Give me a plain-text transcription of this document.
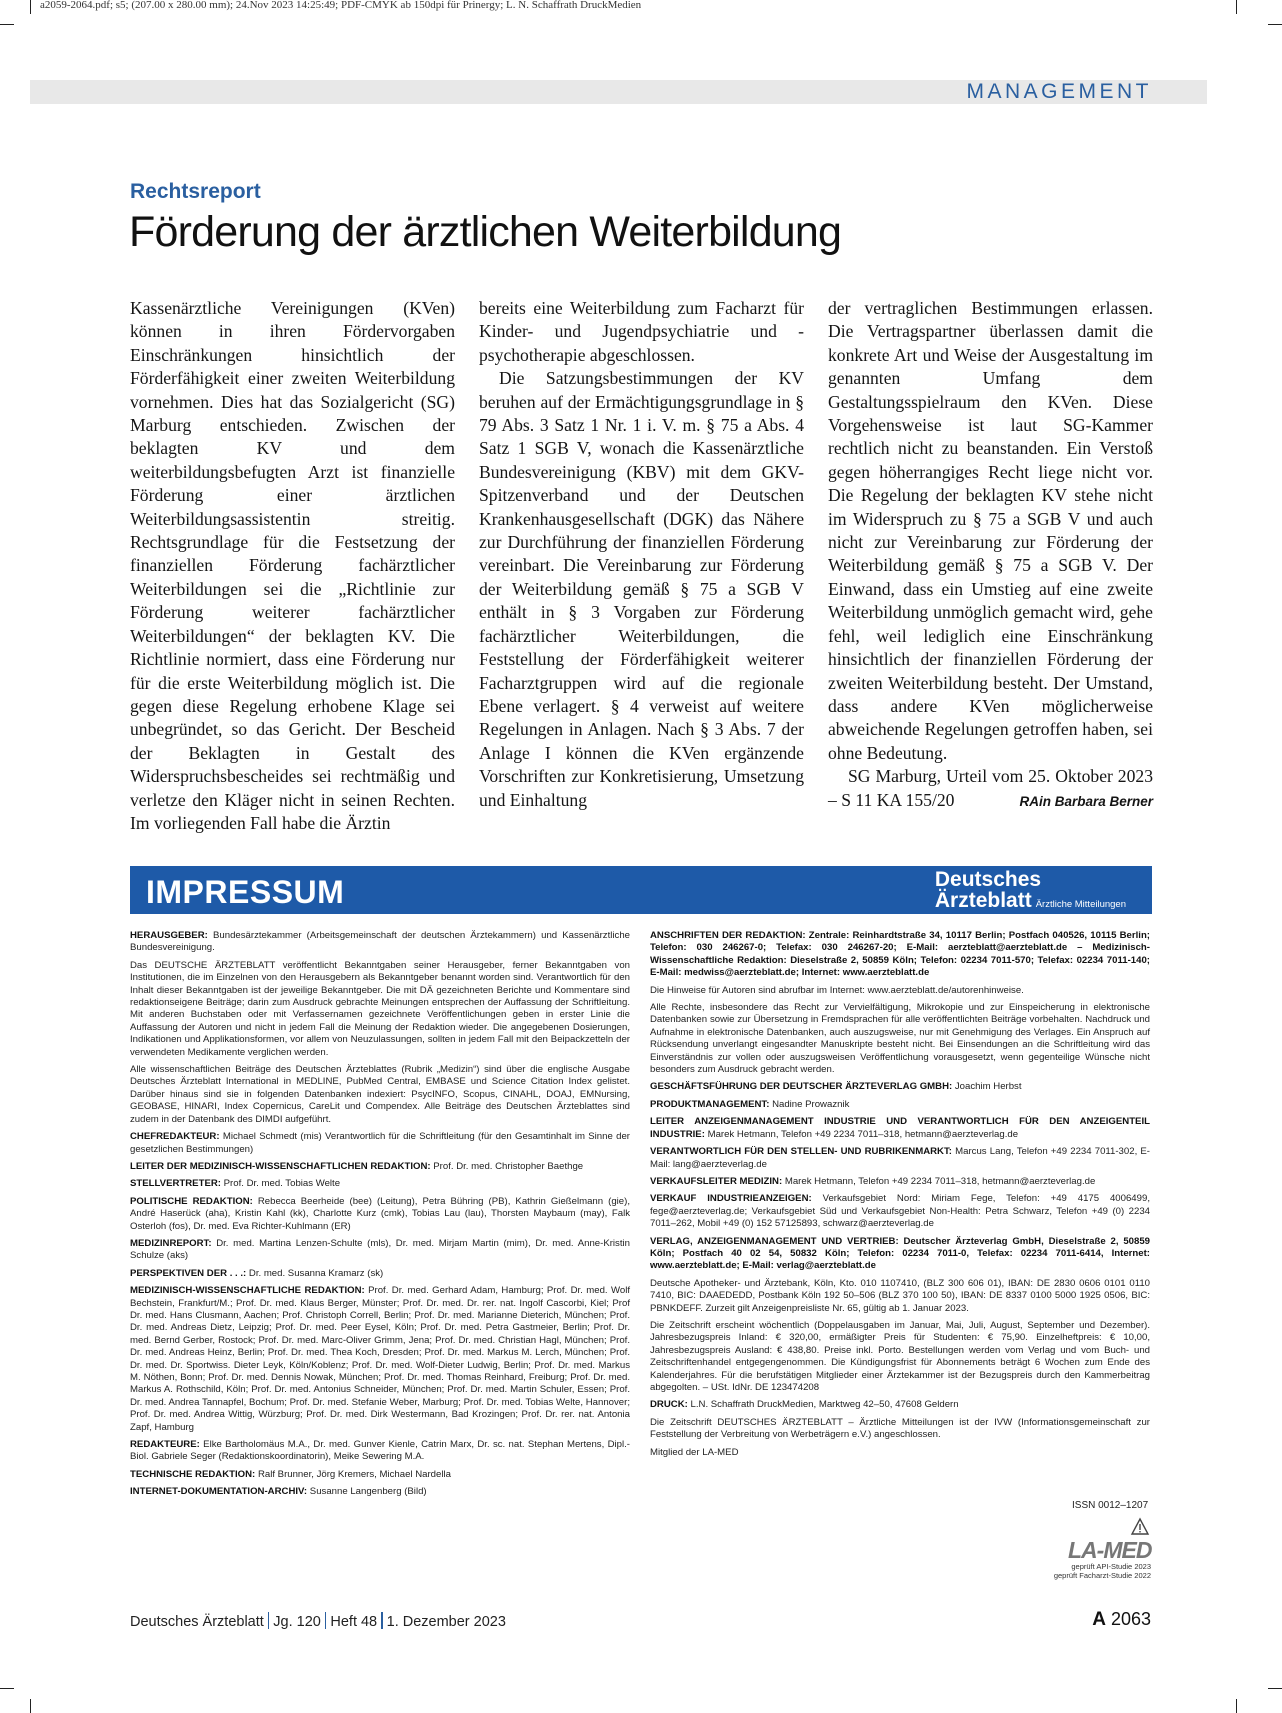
a2059-2064.pdf; s5; (207.00 x 280.00 mm); 24.Nov 2023 14:25:49; PDF-CMYK ab 150dpi für Prinergy; L. N. Schaffrath DruckMedien
MANAGEMENT
Rechtsreport
Förderung der ärztlichen Weiterbildung

Kassenärztliche Vereinigungen (KVen) können in ihren Fördervorgaben Einschränkungen hinsichtlich der Förderfähigkeit einer zweiten Weiterbildung vornehmen. Dies hat das Sozialgericht (SG) Marburg entschieden. Zwischen der beklagten KV und dem weiterbildungsbefugten Arzt ist finanzielle Förderung einer ärztlichen Weiterbildungsassistentin streitig. Rechtsgrundlage für die Festsetzung der finanziellen Förderung fachärztlicher Weiterbildungen sei die „Richtlinie zur Förderung weiterer fachärztlicher Weiterbildungen“ der beklagten KV. Die Richtlinie normiert, dass eine Förderung nur für die erste Weiterbildung möglich ist. Die gegen diese Regelung erhobene Klage sei unbegründet, so das Gericht. Der Bescheid der Beklagten in Gestalt des Widerspruchsbescheides sei rechtmäßig und verletze den Kläger nicht in seinen Rechten. Im vorliegenden Fall habe die Ärztin

bereits eine Weiterbildung zum Facharzt für Kinder- und Jugendpsychiatrie und -psychotherapie abgeschlossen.

Die Satzungsbestimmungen der KV beruhen auf der Ermächtigungsgrundlage in § 79 Abs. 3 Satz 1 Nr. 1 i. V. m. § 75 a Abs. 4 Satz 1 SGB V, wonach die Kassenärztliche Bundesvereinigung (KBV) mit dem GKV-Spitzenverband und der Deutschen Krankenhausgesellschaft (DGK) das Nähere zur Durchführung der finanziellen Förderung vereinbart. Die Vereinbarung zur Förderung der Weiterbildung gemäß § 75 a SGB V enthält in § 3 Vorgaben zur Förderung fachärztlicher Weiterbildungen, die Feststellung der Förderfähigkeit weiterer Facharztgruppen wird auf die regionale Ebene verlagert. § 4 verweist auf weitere Regelungen in Anlagen. Nach § 3 Abs. 7 der Anlage I können die KVen ergänzende Vorschriften zur Konkretisierung, Umsetzung und Einhaltung

der vertraglichen Bestimmungen erlassen. Die Vertragspartner überlassen damit die konkrete Art und Weise der Ausgestaltung im genannten Umfang dem Gestaltungsspielraum den KVen. Diese Vorgehensweise ist laut SG-Kammer rechtlich nicht zu beanstanden. Ein Verstoß gegen höherrangiges Recht liege nicht vor. Die Regelung der beklagten KV stehe nicht im Widerspruch zu § 75 a SGB V und auch nicht zur Vereinbarung zur Förderung der Weiterbildung gemäß § 75 a SGB V. Der Einwand, dass ein Umstieg auf eine zweite Weiterbildung unmöglich gemacht wird, gehe fehl, weil lediglich eine Einschränkung hinsichtlich der finanziellen Förderung der zweiten Weiterbildung besteht. Der Umstand, dass andere KVen möglicherweise abweichende Regelungen getroffen haben, sei ohne Bedeutung.

SG Marburg, Urteil vom 25. Oktober 2023 – S 11 KA 155/20	RAin Barbara Berner

IMPRESSUM	Deutsches
Ärzteblatt Ärztliche Mitteilungen

HERAUSGEBER: Bundesärztekammer (Arbeitsgemeinschaft der deutschen Ärztekammern) und Kassenärztliche Bundesvereinigung.

Das DEUTSCHE ÄRZTEBLATT veröffentlicht Bekanntgaben seiner Herausgeber, ferner Bekanntgaben von Institutionen, die im Einzelnen von den Herausgebern als Bekanntgeber benannt worden sind. Verantwortlich für den Inhalt dieser Bekanntgaben ist der jeweilige Bekanntgeber. Die mit DÄ gezeichneten Berichte und Kommentare sind redaktionseigene Beiträge; darin zum Ausdruck gebrachte Meinungen entsprechen der Auffassung der Schriftleitung. Mit anderen Buchstaben oder mit Verfassernamen gezeichnete Veröffentlichungen geben in erster Linie die Auffassung der Autoren und nicht in jedem Fall die Meinung der Redaktion wieder. Die angegebenen Dosierungen, Indikationen und Applikationsformen, vor allem von Neuzulassungen, sollten in jedem Fall mit den Beipackzetteln der verwendeten Medikamente verglichen werden.

Alle wissenschaftlichen Beiträge des Deutschen Ärzteblattes (Rubrik „Medizin“) sind über die englische Ausgabe Deutsches Ärzteblatt International in MEDLINE, PubMed Central, EMBASE und Science Citation Index gelistet. Darüber hinaus sind sie in folgenden Datenbanken indexiert: PsycINFO, Scopus, CINAHL, DOAJ, EMNursing, GEOBASE, HINARI, Index Copernicus, CareLit und Compendex. Alle Beiträge des Deutschen Ärzteblattes sind zudem in der Datenbank des DIMDI aufgeführt.

CHEFREDAKTEUR: Michael Schmedt (mis) Verantwortlich für die Schriftleitung (für den Gesamtinhalt im Sinne der gesetzlichen Bestimmungen)

LEITER DER MEDIZINISCH-WISSENSCHAFTLICHEN REDAKTION: Prof. Dr. med. Christopher Baethge

STELLVERTRETER: Prof. Dr. med. Tobias Welte

POLITISCHE REDAKTION: Rebecca Beerheide (bee) (Leitung), Petra Bühring (PB), Kathrin Gießelmann (gie), André Haserück (aha), Kristin Kahl (kk), Charlotte Kurz (cmk), Tobias Lau (lau), Thorsten Maybaum (may), Falk Osterloh (fos), Dr. med. Eva Richter-Kuhlmann (ER)

MEDIZINREPORT: Dr. med. Martina Lenzen-Schulte (mls), Dr. med. Mirjam Martin (mim), Dr. med. Anne-Kristin Schulze (aks)

PERSPEKTIVEN DER . . .: Dr. med. Susanna Kramarz (sk)

MEDIZINISCH-WISSENSCHAFTLICHE REDAKTION: Prof. Dr. med. Gerhard Adam, Hamburg; Prof. Dr. med. Wolf Bechstein, Frankfurt/M.; Prof. Dr. med. Klaus Berger, Münster; Prof. Dr. med. Dr. rer. nat. Ingolf Cascorbi, Kiel; Prof Dr. med. Hans Clusmann, Aachen; Prof. Christoph Correll, Berlin; Prof. Dr. med. Marianne Dieterich, München; Prof. Dr. med. Andreas Dietz, Leipzig; Prof. Dr. med. Peer Eysel, Köln; Prof. Dr. med. Petra Gastmeier, Berlin; Prof. Dr. med. Bernd Gerber, Rostock; Prof. Dr. med. Marc-Oliver Grimm, Jena; Prof. Dr. med. Christian Hagl, München; Prof. Dr. med. Andreas Heinz, Berlin; Prof. Dr. med. Thea Koch, Dresden; Prof. Dr. med. Markus M. Lerch, München; Prof. Dr. med. Dr. Sportwiss. Dieter Leyk, Köln/Koblenz; Prof. Dr. med. Wolf-Dieter Ludwig, Berlin; Prof. Dr. med. Markus M. Nöthen, Bonn; Prof. Dr. med. Dennis Nowak, München; Prof. Dr. med. Thomas Reinhard, Freiburg; Prof. Dr. med. Markus A. Rothschild, Köln; Prof. Dr. med. Antonius Schneider, München; Prof. Dr. med. Martin Schuler, Essen; Prof. Dr. med. Andrea Tannapfel, Bochum; Prof. Dr. med. Stefanie Weber, Marburg; Prof. Dr. med. Tobias Welte, Hannover; Prof. Dr. med. Andrea Wittig, Würzburg; Prof. Dr. med. Dirk Westermann, Bad Krozingen; Prof. Dr. rer. nat. Antonia Zapf, Hamburg

REDAKTEURE: Elke Bartholomäus M.A., Dr. med. Gunver Kienle, Catrin Marx, Dr. sc. nat. Stephan Mertens, Dipl.-Biol. Gabriele Seger (Redaktionskoordinatorin), Meike Sewering M.A.

TECHNISCHE REDAKTION: Ralf Brunner, Jörg Kremers, Michael Nardella

INTERNET-DOKUMENTATION-ARCHIV: Susanne Langenberg (Bild)

ANSCHRIFTEN DER REDAKTION: Zentrale: Reinhardtstraße 34, 10117 Berlin; Postfach 040526, 10115 Berlin; Telefon: 030 246267-0; Telefax: 030 246267-20; E-Mail: aerzteblatt@aerzteblatt.de – Medizinisch-Wissenschaftliche Redaktion: Dieselstraße 2, 50859 Köln; Telefon: 02234 7011-570; Telefax: 02234 7011-140; E-Mail: medwiss@aerzteblatt.de; Internet: www.aerzteblatt.de

Die Hinweise für Autoren sind abrufbar im Internet: www.aerzteblatt.de/autorenhinweise.

Alle Rechte, insbesondere das Recht zur Vervielfältigung, Mikrokopie und zur Einspeicherung in elektronische Datenbanken sowie zur Übersetzung in Fremdsprachen für alle veröffentlichten Beiträge vorbehalten. Nachdruck und Aufnahme in elektronische Datenbanken, auch auszugsweise, nur mit Genehmigung des Verlages. Ein Anspruch auf Rücksendung unverlangt eingesandter Manuskripte besteht nicht. Bei Einsendungen an die Schriftleitung wird das Einverständnis zur vollen oder auszugsweisen Veröffentlichung vorausgesetzt, wenn gegenteilige Wünsche nicht besonders zum Ausdruck gebracht werden.

GESCHÄFTSFÜHRUNG DER DEUTSCHER ÄRZTEVERLAG GMBH: Joachim Herbst

PRODUKTMANAGEMENT: Nadine Prowaznik

LEITER ANZEIGENMANAGEMENT INDUSTRIE UND VERANTWORTLICH FÜR DEN ANZEIGENTEIL INDUSTRIE: Marek Hetmann, Telefon +49 2234 7011–318, hetmann@aerzteverlag.de

VERANTWORTLICH FÜR DEN STELLEN- UND RUBRIKENMARKT: Marcus Lang, Telefon +49 2234 7011-302, E-Mail: lang@aerzteverlag.de

VERKAUFSLEITER MEDIZIN: Marek Hetmann, Telefon +49 2234 7011–318, hetmann@aerzteverlag.de

VERKAUF INDUSTRIEANZEIGEN: Verkaufsgebiet Nord: Miriam Fege, Telefon: +49 4175 4006499, fege@aerzteverlag.de; Verkaufsgebiet Süd und Verkaufsgebiet Non-Health: Petra Schwarz, Telefon +49 (0) 2234 7011–262, Mobil +49 (0) 152 57125893, schwarz@aerzteverlag.de

VERLAG, ANZEIGENMANAGEMENT UND VERTRIEB: Deutscher Ärzteverlag GmbH, Dieselstraße 2, 50859 Köln; Postfach 40 02 54, 50832 Köln; Telefon: 02234 7011-0, Telefax: 02234 7011-6414, Internet: www.aerzteblatt.de; E-Mail: verlag@aerzteblatt.de

Deutsche Apotheker- und Ärztebank, Köln, Kto. 010 1107410, (BLZ 300 606 01), IBAN: DE 2830 0606 0101 0110 7410, BIC: DAAEDEDD, Postbank Köln 192 50–506 (BLZ 370 100 50), IBAN: DE 8337 0100 5000 1925 0506, BIC: PBNKDEFF. Zurzeit gilt Anzeigenpreisliste Nr. 65, gültig ab 1. Januar 2023.

Die Zeitschrift erscheint wöchentlich (Doppelausgaben im Januar, Mai, Juli, August, September und Dezember). Jahresbezugspreis Inland: € 320,00, ermäßigter Preis für Studenten: € 75,90. Einzelheftpreis: € 10,00, Jahresbezugspreis Ausland: € 438,80. Preise inkl. Porto. Bestellungen werden vom Verlag und vom Buch- und Zeitschriftenhandel entgegengenommen. Die Kündigungsfrist für Abonnements beträgt 6 Wochen zum Ende des Kalenderjahres. Für die berufstätigen Mitglieder einer Ärztekammer ist der Bezugspreis durch den Kammerbeitrag abgegolten. – USt. IdNr. DE 123474208

DRUCK: L.N. Schaffrath DruckMedien, Marktweg 42–50, 47608 Geldern

Die Zeitschrift DEUTSCHES ÄRZTEBLATT – Ärztliche Mitteilungen ist der IVW (Informationsgemeinschaft zur Feststellung der Verbreitung von Werbeträgern e.V.) angeschlossen.

Mitglied der LA-MED

ISSN 0012–1207
LA-MED
geprüft API-Studie 2023
geprüft Facharzt-Studie 2022
Deutsches Ärzteblatt Jg. 120 Heft 48 1. Dezember 2023	A 2063
